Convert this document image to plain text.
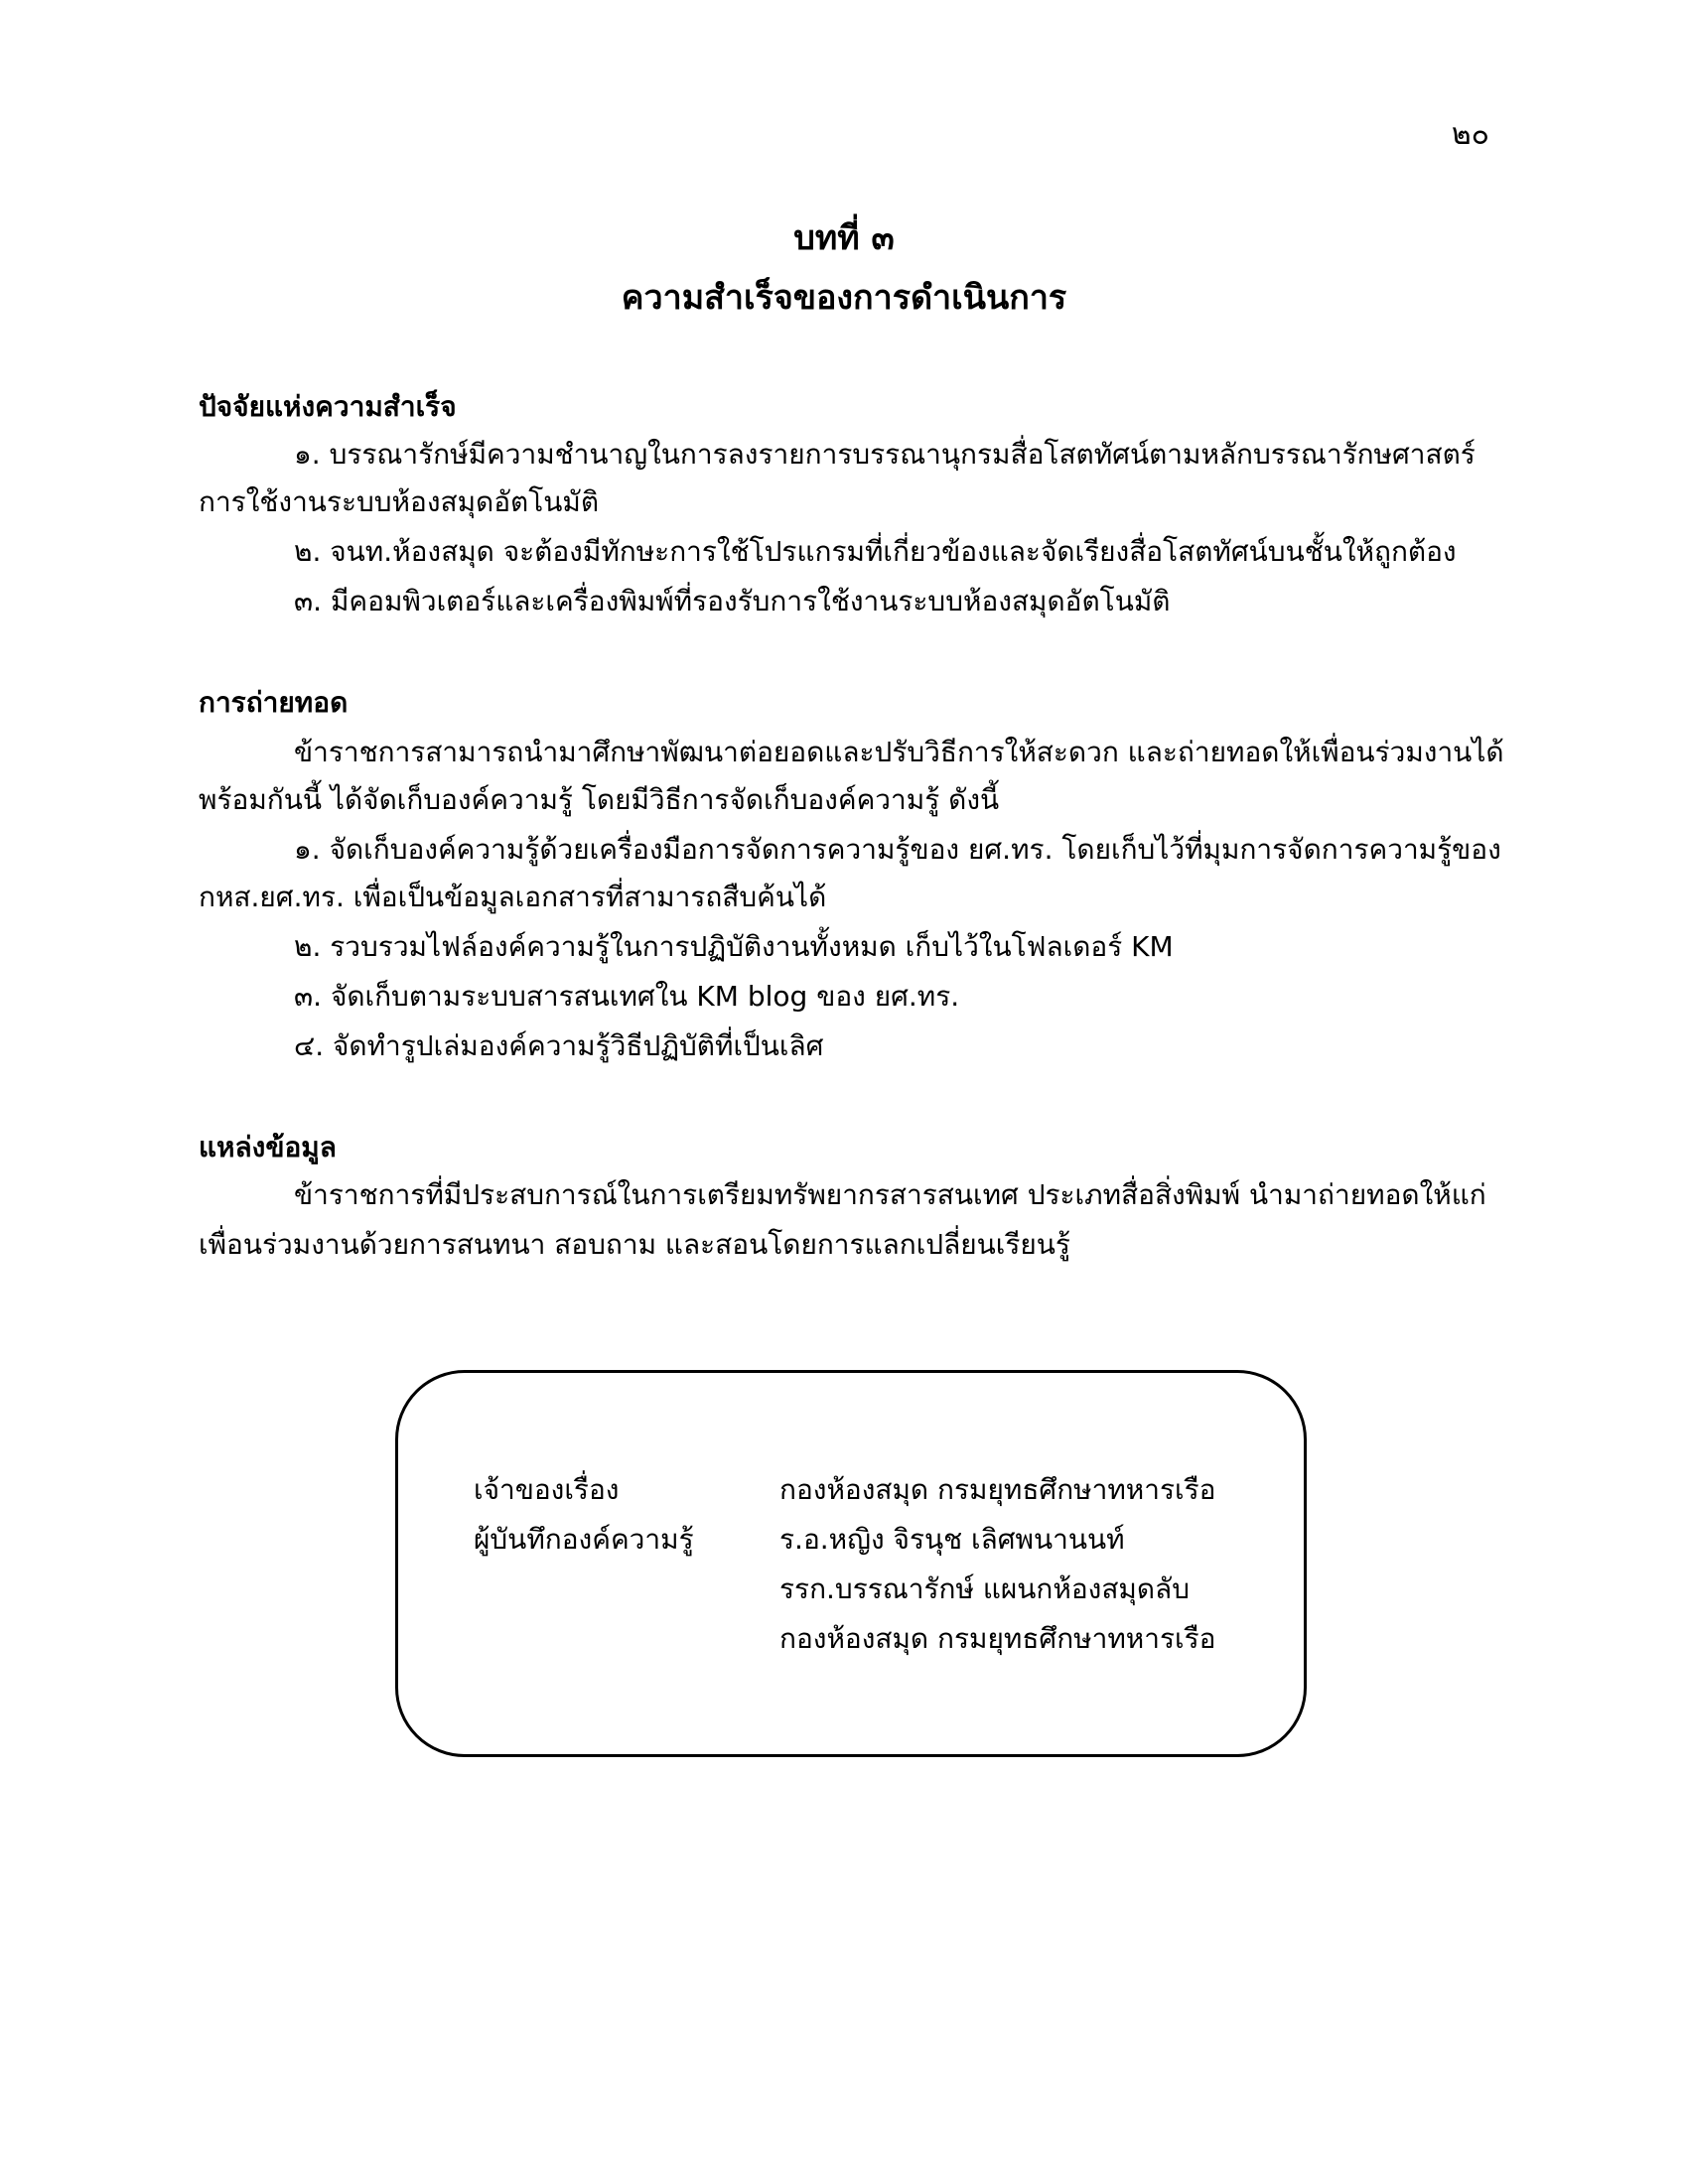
๒๐
บทที่ ๓
ความสำเร็จของการดำเนินการ
ปัจจัยแห่งความสำเร็จ
๑. บรรณารักษ์มีความชำนาญในการลงรายการบรรณานุกรมสื่อโสตทัศน์ตามหลักบรรณารักษศาสตร์
การใช้งานระบบห้องสมุดอัตโนมัติ
๒. จนท.ห้องสมุด จะต้องมีทักษะการใช้โปรแกรมที่เกี่ยวข้องและจัดเรียงสื่อโสตทัศน์บนชั้นให้ถูกต้อง
๓. มีคอมพิวเตอร์และเครื่องพิมพ์ที่รองรับการใช้งานระบบห้องสมุดอัตโนมัติ
การถ่ายทอด
ข้าราชการสามารถนำมาศึกษาพัฒนาต่อยอดและปรับวิธีการให้สะดวก และถ่ายทอดให้เพื่อนร่วมงานได้
พร้อมกันนี้ ได้จัดเก็บองค์ความรู้ โดยมีวิธีการจัดเก็บองค์ความรู้ ดังนี้
๑. จัดเก็บองค์ความรู้ด้วยเครื่องมือการจัดการความรู้ของ ยศ.ทร. โดยเก็บไว้ที่มุมการจัดการความรู้ของ
กหส.ยศ.ทร. เพื่อเป็นข้อมูลเอกสารที่สามารถสืบค้นได้
๒. รวบรวมไฟล์องค์ความรู้ในการปฏิบัติงานทั้งหมด เก็บไว้ในโฟลเดอร์ KM
๓. จัดเก็บตามระบบสารสนเทศใน KM blog ของ ยศ.ทร.
๔. จัดทำรูปเล่มองค์ความรู้วิธีปฏิบัติที่เป็นเลิศ
แหล่งข้อมูล
ข้าราชการที่มีประสบการณ์ในการเตรียมทรัพยากรสารสนเทศ ประเภทสื่อสิ่งพิมพ์ นำมาถ่ายทอดให้แก่
เพื่อนร่วมงานด้วยการสนทนา สอบถาม และสอนโดยการแลกเปลี่ยนเรียนรู้
เจ้าของเรื่อง	กองห้องสมุด กรมยุทธศึกษาทหารเรือ
ผู้บันทึกองค์ความรู้	ร.อ.หญิง จิรนุช เลิศพนานนท์
รรก.บรรณารักษ์ แผนกห้องสมุดลับ
กองห้องสมุด กรมยุทธศึกษาทหารเรือ
